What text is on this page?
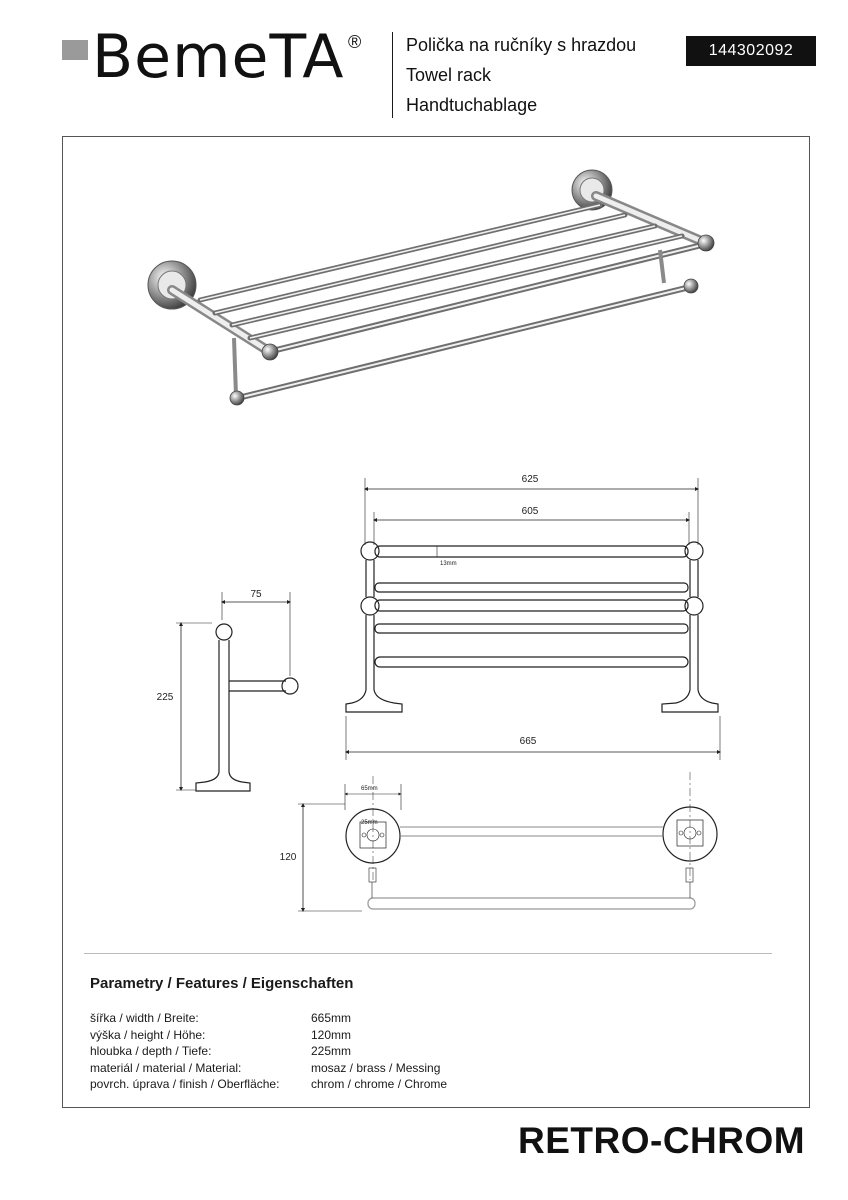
BemeTA ® Polička na ručníky s hrazdou
Towel rack
Handtuchablage
144302092
625
605
13mm
665
75
225
65mm
25mm
120
Parametry / Features / Eigenschaften
šířka / width / Breite:	665mm
výška / height / Höhe:	120mm
hloubka / depth / Tiefe:	225mm
materiál / material / Material:	mosaz / brass / Messing
povrch. úprava / finish / Oberfläche:	chrom / chrome / Chrome
RETRO-CHROM
